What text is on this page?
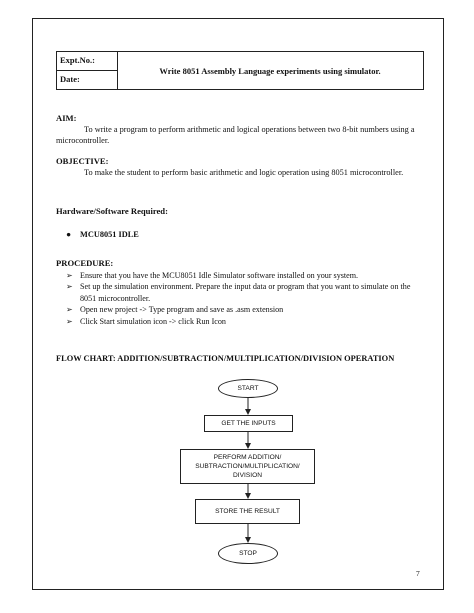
Expt.No.:
Date:
Write 8051 Assembly Language experiments using simulator.
AIM:
To write a program to perform arithmetic and logical operations between two 8-bit numbers using a microcontroller.
OBJECTIVE:
To make the student to perform basic arithmetic and logic operation using 8051 microcontroller.
Hardware/Software Required:
● MCU8051 IDLE
PROCEDURE:
➢ Ensure that you have the MCU8051 Idle Simulator software installed on your system.
➢ Set up the simulation environment. Prepare the input data or program that you want to simulate on the 8051 microcontroller.
➢ Open new project -> Type program and save as .asm extension
➢ Click Start simulation icon -> click Run Icon
FLOW CHART: ADDITION/SUBTRACTION/MULTIPLICATION/DIVISION OPERATION
START
GET THE INPUTS
PERFORM ADDITION/
SUBTRACTION/MULTIPLICATION/
DIVISION
STORE THE RESULT
STOP
7
